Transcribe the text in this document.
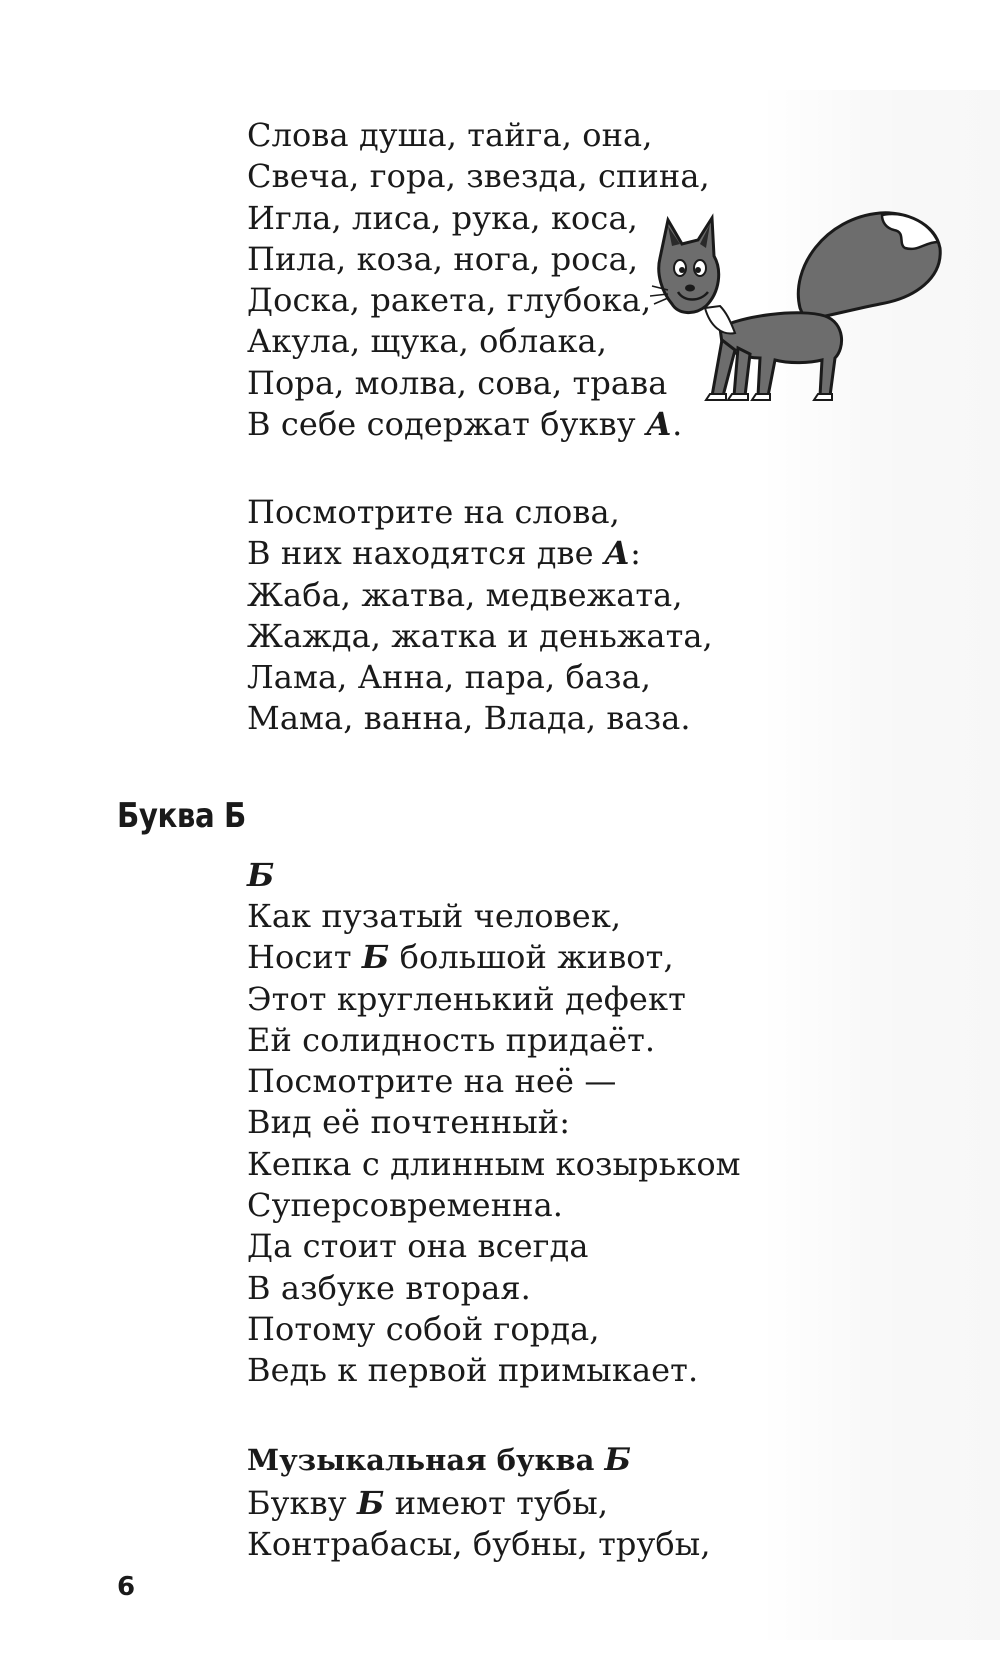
Слова душа, тайга, она,
Свеча, гора, звезда, спина,
Игла, лиса, рука, коса,
Пила, коза, нога, роса,
Доска, ракета, глубока,
Акула, щука, облака,
Пора, молва, сова, трава
В себе содержат букву А.
Посмотрите на слова,
В них находятся две А:
Жаба, жатва, медвежата,
Жажда, жатка и деньжата,
Лама, Анна, пара, база,
Мама, ванна, Влада, ваза.
Буква Б
Б
Как пузатый человек,
Носит Б большой живот,
Этот кругленький дефект
Ей солидность придаёт.
Посмотрите на неё —
Вид её почтенный:
Кепка с длинным козырьком
Суперсовременна.
Да стоит она всегда
В азбуке вторая.
Потому собой горда,
Ведь к первой примыкает.
Музыкальная буква Б
Букву Б имеют тубы,
Контрабасы, бубны, трубы,
6
